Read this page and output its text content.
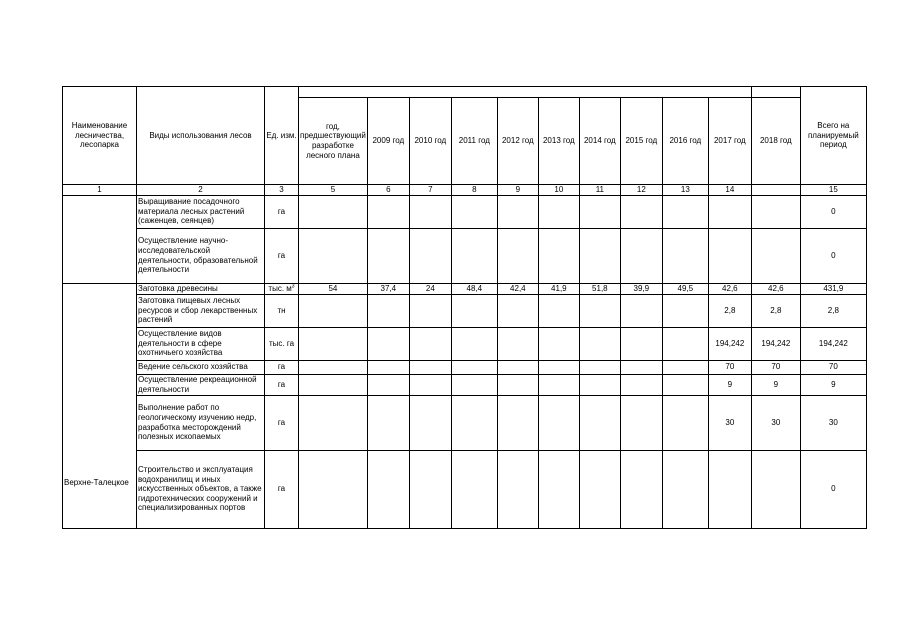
Наименование лесничества, лесопарка	Виды использования лесов	Ед. изм.												Всего на планируемый период
			год, предшествующий разработке лесного плана	2009 год	2010 год	2011 год	2012 год	2013 год	2014 год	2015 год	2016 год	2017 год	2018 год	
1	2	3	5	6	7	8	9	10	11	12	13	14		15
	Выращивание посадочного материала лесных растений (саженцев, сеянцев)	га												0
	Осуществление научно-исследовательской деятельности, образовательной деятельности	га												0
Верхне-Талецкое	Заготовка древесины	тыс. $м^3$	54	37,4	24	48,4	42,4	41,9	51,8	39,9	49,5	42,6	42,6	431,9
	Заготовка пищевых лесных ресурсов и сбор лекарственных растений	тн										2,8	2,8	2,8
	Осуществление видов деятельности в сфере охотничьего хозяйства	тыс. га										194,242	194,242	194,242
	Ведение сельского хозяйства	га										70	70	70
	Осуществление рекреационной деятельности	га										9	9	9
	Выполнение работ по геологическому изучению недр, разработка месторождений полезных ископаемых	га										30	30	30
	Строительство и эксплуатация водохранилищ и иных искусственных объектов, а также гидротехнических сооружений и специализированных портов	га												0
